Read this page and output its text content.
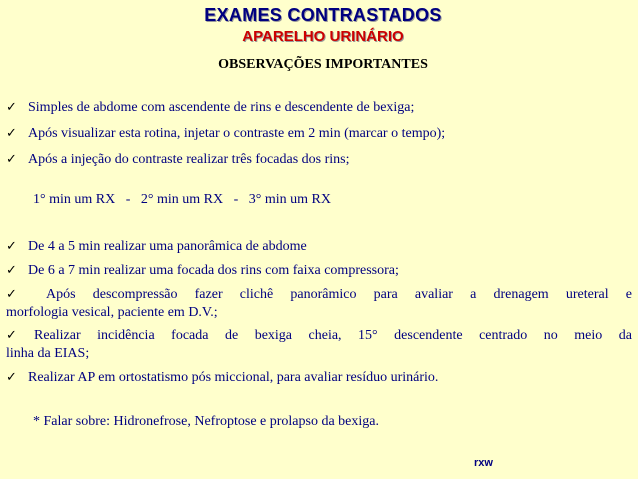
EXAMES CONTRASTADOS
APARELHO URINÁRIO
OBSERVAÇÕES IMPORTANTES
✓ Simples de abdome com ascendente de rins e descendente de bexiga;
✓ Após visualizar esta rotina, injetar o contraste em 2 min (marcar o tempo);
✓ Após a injeção do contraste realizar três focadas dos rins;
1° min um RX   -   2° min um RX   -   3° min um RX
✓ De 4 a 5 min realizar uma panorâmica de abdome
✓ De 6 a 7 min realizar uma focada dos rins com faixa compressora;
✓ Após descompressão fazer clichê panorâmico para avaliar a drenagem ureteral e
morfologia vesical, paciente em D.V.;
✓ Realizar incidência focada de bexiga cheia, 15° descendente centrado no meio da
linha da EIAS;
✓ Realizar AP em ortostatismo pós miccional, para avaliar resíduo urinário.
* Falar sobre: Hidronefrose, Nefroptose e prolapso da bexiga.
rxw
